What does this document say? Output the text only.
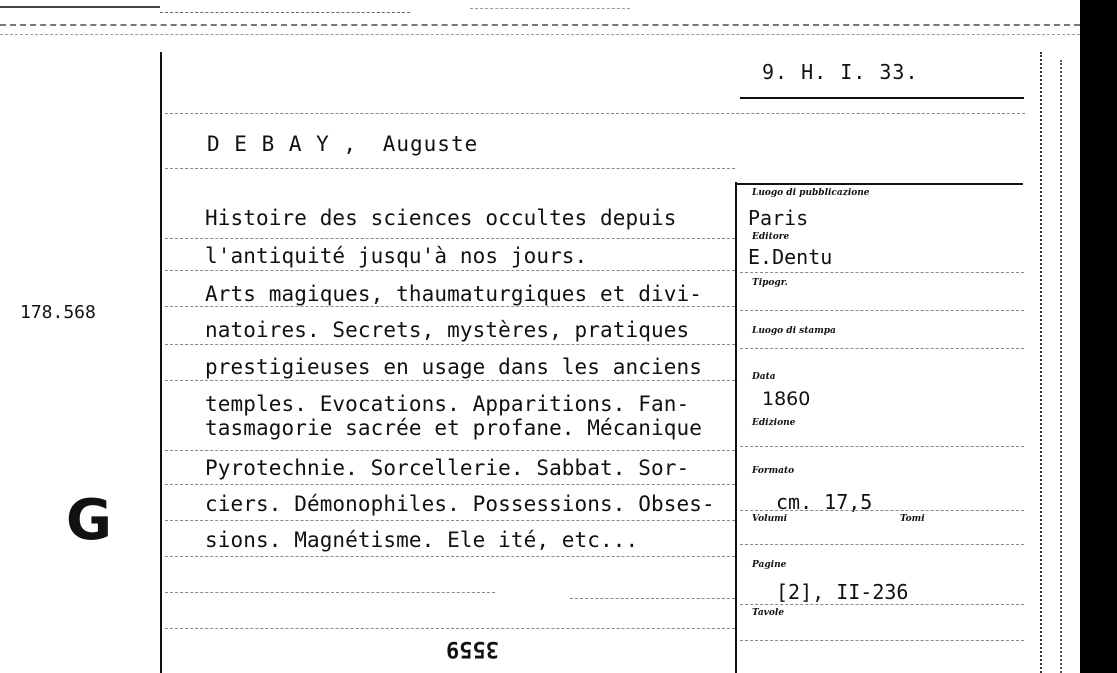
9. H. I. 33.
D E B A Y , Auguste
178.568
G
Histoire des sciences occultes depuis
l'antiquité jusqu'à nos jours.
Arts magiques, thaumaturgiques et divi-
natoires. Secrets, mystères, pratiques
prestigieuses en usage dans les anciens
temples. Evocations. Apparitions. Fan-
tasmagorie sacrée et profane. Mécanique
Pyrotechnie. Sorcellerie. Sabbat. Sor-
ciers. Démonophiles. Possessions. Obses-
sions. Magnétisme. Ele ité, etc...
3559
Luogo di pubblicazione
Paris
Editore
E.Dentu
Tipogr.
Luogo di stampa
Data
1860
Edizione
Formato
cm. 17,5
Volumi	Tomi
Pagine
[2], II-236
Tavole
